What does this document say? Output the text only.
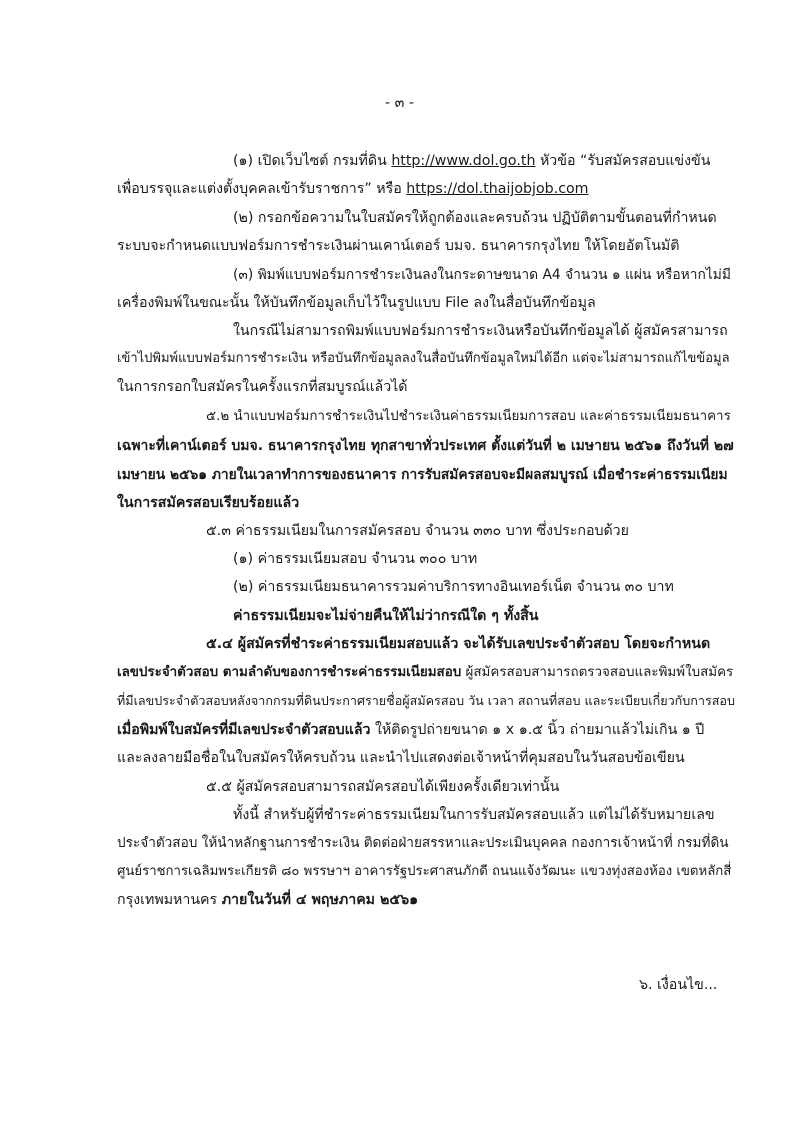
- ๓ -
(๑) เปิดเว็บไซต์ กรมที่ดิน http://www.dol.go.th หัวข้อ “รับสมัครสอบแข่งขัน
เพื่อบรรจุและแต่งตั้งบุคคลเข้ารับราชการ” หรือ https://dol.thaijobjob.com
(๒) กรอกข้อความในใบสมัครให้ถูกต้องและครบถ้วน ปฏิบัติตามขั้นตอนที่กำหนด
ระบบจะกำหนดแบบฟอร์มการชำระเงินผ่านเคาน์เตอร์ บมจ. ธนาคารกรุงไทย ให้โดยอัตโนมัติ
(๓) พิมพ์แบบฟอร์มการชำระเงินลงในกระดาษขนาด A4 จำนวน ๑ แผ่น หรือหากไม่มี
เครื่องพิมพ์ในขณะนั้น ให้บันทึกข้อมูลเก็บไว้ในรูปแบบ File ลงในสื่อบันทึกข้อมูล
ในกรณีไม่สามารถพิมพ์แบบฟอร์มการชำระเงินหรือบันทึกข้อมูลได้ ผู้สมัครสามารถ
เข้าไปพิมพ์แบบฟอร์มการชำระเงิน หรือบันทึกข้อมูลลงในสื่อบันทึกข้อมูลใหม่ได้อีก แต่จะไม่สามารถแก้ไขข้อมูล
ในการกรอกใบสมัครในครั้งแรกที่สมบูรณ์แล้วได้
๕.๒ นำแบบฟอร์มการชำระเงินไปชำระเงินค่าธรรมเนียมการสอบ และค่าธรรมเนียมธนาคาร
เฉพาะที่เคาน์เตอร์ บมจ. ธนาคารกรุงไทย ทุกสาขาทั่วประเทศ ตั้งแต่วันที่ ๒ เมษายน ๒๕๖๑ ถึงวันที่ ๒๗
เมษายน ๒๕๖๑ ภายในเวลาทำการของธนาคาร การรับสมัครสอบจะมีผลสมบูรณ์ เมื่อชำระค่าธรรมเนียม
ในการสมัครสอบเรียบร้อยแล้ว
๕.๓ ค่าธรรมเนียมในการสมัครสอบ จำนวน ๓๓๐ บาท ซึ่งประกอบด้วย
(๑) ค่าธรรมเนียมสอบ จำนวน ๓๐๐ บาท
(๒) ค่าธรรมเนียมธนาคารรวมค่าบริการทางอินเทอร์เน็ต จำนวน ๓๐ บาท
ค่าธรรมเนียมจะไม่จ่ายคืนให้ไม่ว่ากรณีใด ๆ ทั้งสิ้น
๕.๔ ผู้สมัครที่ชำระค่าธรรมเนียมสอบแล้ว จะได้รับเลขประจำตัวสอบ โดยจะกำหนด
เลขประจำตัวสอบ ตามลำดับของการชำระค่าธรรมเนียมสอบ ผู้สมัครสอบสามารถตรวจสอบและพิมพ์ใบสมัคร
ที่มีเลขประจำตัวสอบหลังจากกรมที่ดินประกาศรายชื่อผู้สมัครสอบ วัน เวลา สถานที่สอบ และระเบียบเกี่ยวกับการสอบ
เมื่อพิมพ์ใบสมัครที่มีเลขประจำตัวสอบแล้ว ให้ติดรูปถ่ายขนาด ๑ x ๑.๕ นิ้ว ถ่ายมาแล้วไม่เกิน ๑ ปี
และลงลายมือชื่อในใบสมัครให้ครบถ้วน และนำไปแสดงต่อเจ้าหน้าที่คุมสอบในวันสอบข้อเขียน
๕.๕ ผู้สมัครสอบสามารถสมัครสอบได้เพียงครั้งเดียวเท่านั้น
ทั้งนี้ สำหรับผู้ที่ชำระค่าธรรมเนียมในการรับสมัครสอบแล้ว แต่ไม่ได้รับหมายเลข
ประจำตัวสอบ ให้นำหลักฐานการชำระเงิน ติดต่อฝ่ายสรรหาและประเมินบุคคล กองการเจ้าหน้าที่ กรมที่ดิน
ศูนย์ราชการเฉลิมพระเกียรติ ๘๐ พรรษาฯ อาคารรัฐประศาสนภักดี ถนนแจ้งวัฒนะ แขวงทุ่งสองห้อง เขตหลักสี่
กรุงเทพมหานคร ภายในวันที่ ๔ พฤษภาคม ๒๕๖๑
๖. เงื่อนไข...
